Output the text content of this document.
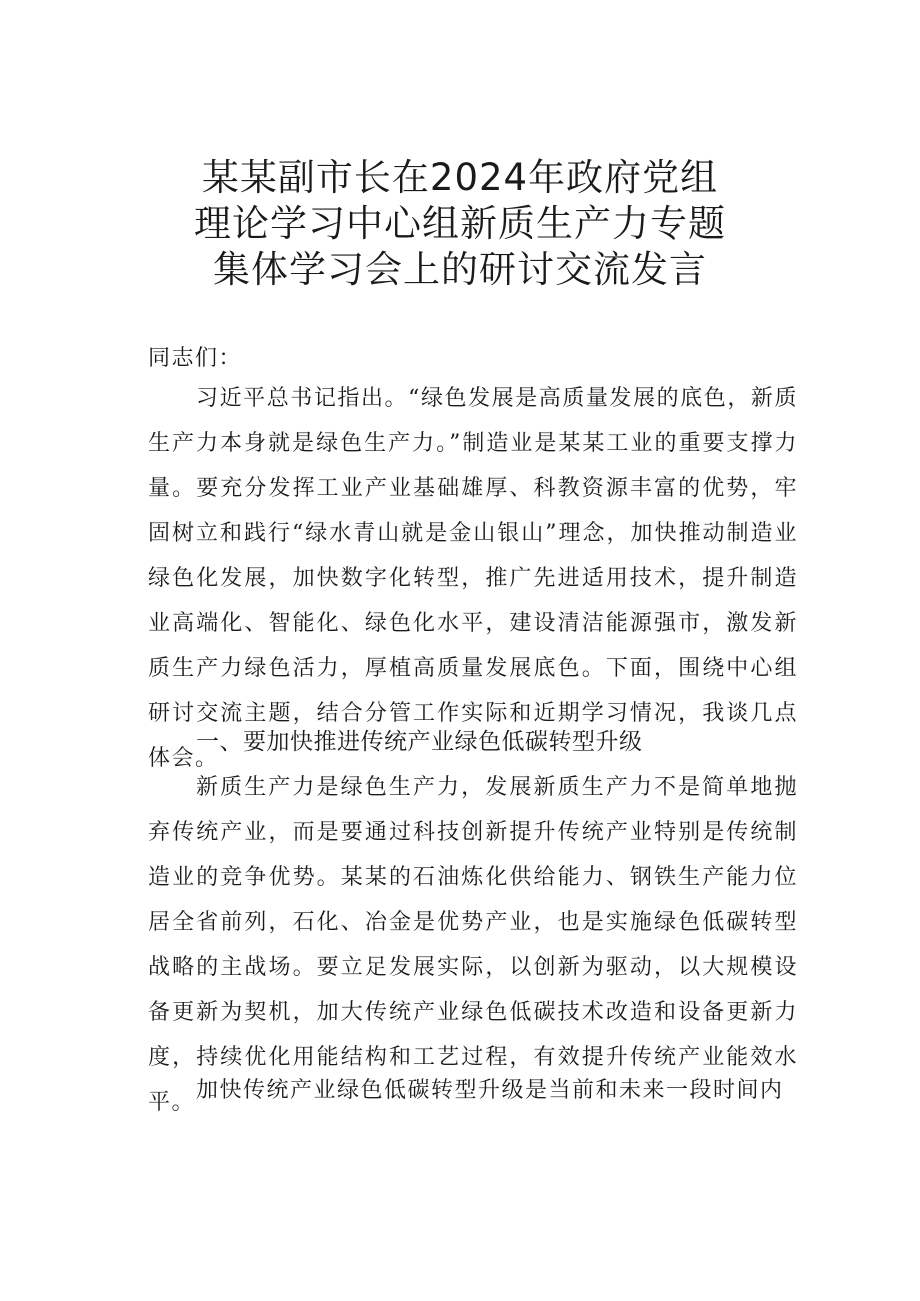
某某副市长在2024年政府党组
理论学习中心组新质生产力专题
集体学习会上的研讨交流发言
同志们：
习近平总书记指出。“绿色发展是高质量发展的底色，新质生产力本身就是绿色生产力。”制造业是某某工业的重要支撑力量。要充分发挥工业产业基础雄厚、科教资源丰富的优势，牢固树立和践行“绿水青山就是金山银山”理念，加快推动制造业绿色化发展，加快数字化转型，推广先进适用技术，提升制造业高端化、智能化、绿色化水平，建设清洁能源强市，激发新质生产力绿色活力，厚植高质量发展底色。下面，围绕中心组研讨交流主题，结合分管工作实际和近期学习情况，我谈几点体会。
一、要加快推进传统产业绿色低碳转型升级
新质生产力是绿色生产力，发展新质生产力不是简单地抛弃传统产业，而是要通过科技创新提升传统产业特别是传统制造业的竞争优势。某某的石油炼化供给能力、钢铁生产能力位居全省前列，石化、冶金是优势产业，也是实施绿色低碳转型战略的主战场。要立足发展实际，以创新为驱动，以大规模设备更新为契机，加大传统产业绿色低碳技术改造和设备更新力度，持续优化用能结构和工艺过程，有效提升传统产业能效水平。 加快传统产业绿色低碳转型升级是当前和未来一段时间内
